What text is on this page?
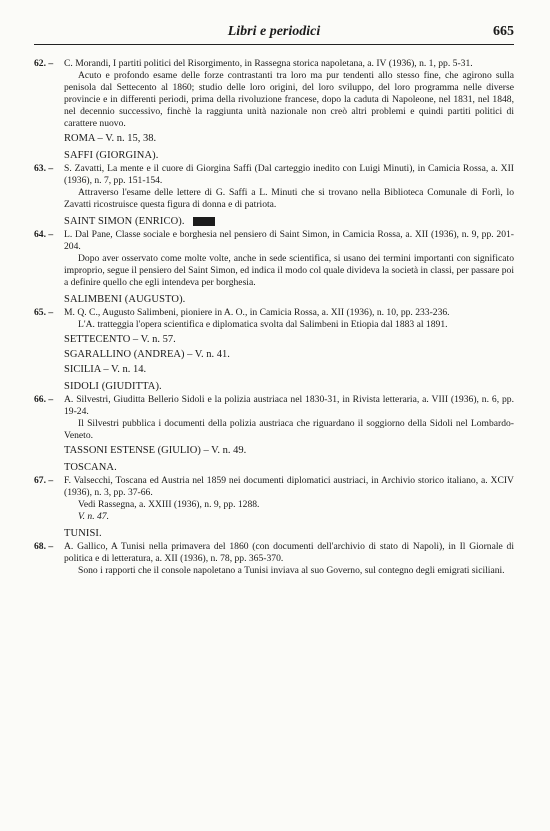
Libri e periodici	665
62. – C. Morandi, I partiti politici del Risorgimento, in Rassegna storica napoletana, a. IV (1936), n. 1, pp. 5-31.
Acuto e profondo esame delle forze contrastanti tra loro ma pur tendenti allo stesso fine, che agirono sulla penisola dal Settecento al 1860; studio delle loro origini, del loro sviluppo, del loro programma nelle diverse provincie e in differenti periodi, prima della rivoluzione francese, dopo la caduta di Napoleone, nel 1831, nel 1848, nel decennio successivo, finchè la raggiunta unità nazionale non creò altri problemi e quindi partiti politici di carattere nuovo.
ROMA – V. n. 15, 38.
SAFFI (GIORGINA).
63. – S. Zavatti, La mente e il cuore di Giorgina Saffi (Dal carteggio inedito con Luigi Minuti), in Camicia Rossa, a. XII (1936), n. 7, pp. 151-154.
Attraverso l'esame delle lettere di G. Saffi a L. Minuti che si trovano nella Biblioteca Comunale di Forlì, lo Zavatti ricostruisce questa figura di donna e di patriota.
SAINT SIMON (ENRICO).
64. – L. Dal Pane, Classe sociale e borghesia nel pensiero di Saint Simon, in Camicia Rossa, a. XII (1936), n. 9, pp. 201-204.
Dopo aver osservato come molte volte, anche in sede scientifica, si usano dei termini importanti con significato improprio, segue il pensiero del Saint Simon, ed indica il modo col quale divideva la società in classi, per passare poi a definire quello che egli intendeva per borghesia.
SALIMBENI (AUGUSTO).
65. – M. Q. C., Augusto Salimbeni, pioniere in A. O., in Camicia Rossa, a. XII (1936), n. 10, pp. 233-236.
L'A. tratteggia l'opera scientifica e diplomatica svolta dal Salimbeni in Etiopia dal 1883 al 1891.
SETTECENTO – V. n. 57.
SGARALLINO (ANDREA) – V. n. 41.
SICILIA – V. n. 14.
SIDOLI (GIUDITTA).
66. – A. Silvestri, Giuditta Bellerio Sidoli e la polizia austriaca nel 1830-31, in Rivista letteraria, a. VIII (1936), n. 6, pp. 19-24.
Il Silvestri pubblica i documenti della polizia austriaca che riguardano il soggiorno della Sidoli nel Lombardo-Veneto.
TASSONI ESTENSE (GIULIO) – V. n. 49.
TOSCANA.
67. – F. Valsecchi, Toscana ed Austria nel 1859 nei documenti diplomatici austriaci, in Archivio storico italiano, a. XCIV (1936), n. 3, pp. 37-66.
Vedi Rassegna, a. XXIII (1936), n. 9, pp. 1288.
V. n. 47.
TUNISI.
68. – A. Gallico, A Tunisi nella primavera del 1860 (con documenti dell'archivio di stato di Napoli), in Il Giornale di politica e di letteratura, a. XII (1936), n. 78, pp. 365-370.
Sono i rapporti che il console napoletano a Tunisi inviava al suo Governo, sul contegno degli emigrati siciliani.
